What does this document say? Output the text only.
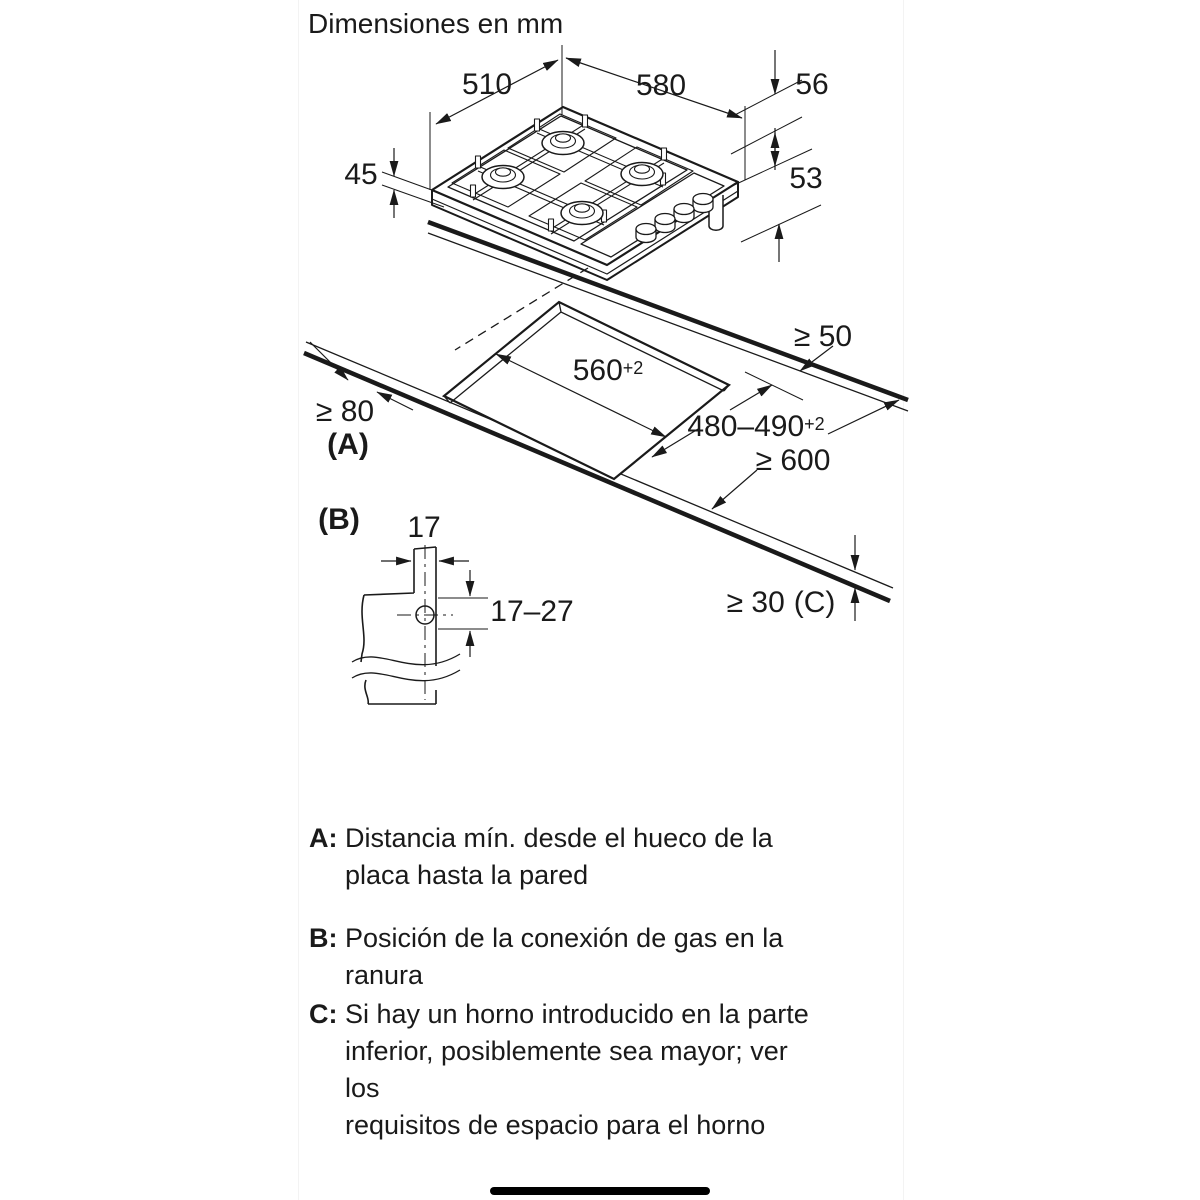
Dimensiones en mm
510	580	56
53
45
≥ 50
$560^{+2}$
≥ 80
(A)
$480-490^{+2}$
≥ 600
(B) 17
17–27	≥ 30 (C)
A: Distancia mín. desde el hueco de la
placa hasta la pared
B: Posición de la conexión de gas en la
ranura
C: Si hay un horno introducido en la parte
inferior, posiblemente sea mayor; ver los
requisitos de espacio para el horno
